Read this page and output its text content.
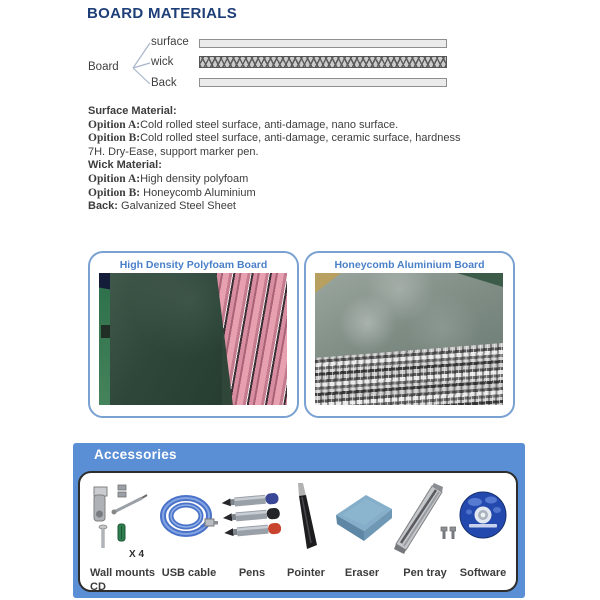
BOARD MATERIALS
Board
surface
wick
Back
Surface Material:
Opition A:Cold rolled steel surface, anti-damage, nano surface.
Opition B:Cold rolled steel surface, anti-damage, ceramic surface, hardness
7H. Dry-Ease, support marker pen.
Wick Material:
Opition A:High density polyfoam
Opition B: Honeycomb Aluminium
Back: Galvanized Steel Sheet
High Density Polyfoam Board	Honeycomb Aluminium Board
Accessories
X 4
Wall mounts
CD
USB cable	Pens	Pointer	Eraser	Pen tray	Software
